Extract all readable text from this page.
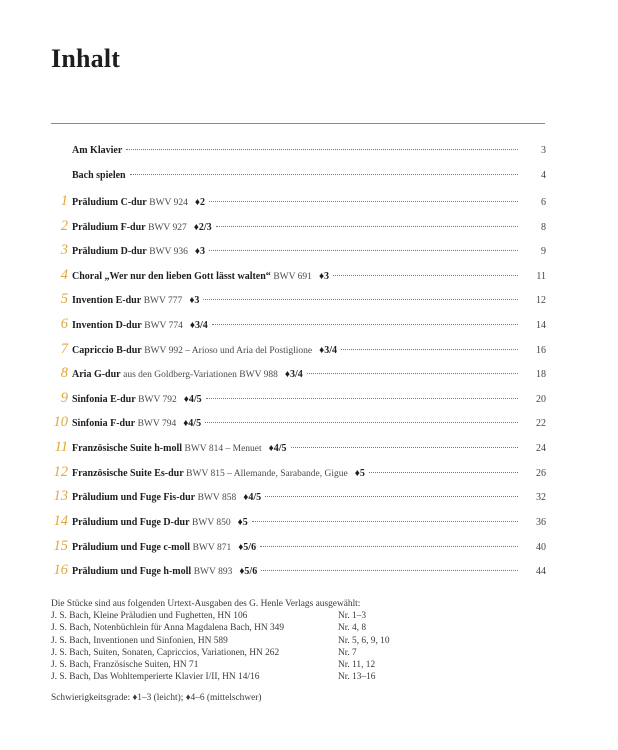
Inhalt
Am Klavier	3
Bach spielen	4
1 Präludium C-dur BWV 924 ♦2	6
2 Präludium F-dur BWV 927 ♦2/3	8
3 Präludium D-dur BWV 936 ♦3	9
4 Choral „Wer nur den lieben Gott lässt walten“ BWV 691 ♦3	11
5 Invention E-dur BWV 777 ♦3	12
6 Invention D-dur BWV 774 ♦3/4	14
7 Capriccio B-dur BWV 992 – Arioso und Aria del Postiglione ♦3/4	16
8 Aria G-dur aus den Goldberg-Variationen BWV 988 ♦3/4	18
9 Sinfonia E-dur BWV 792 ♦4/5	20
10 Sinfonia F-dur BWV 794 ♦4/5	22
11 Französische Suite h-moll BWV 814 – Menuet ♦4/5	24
12 Französische Suite Es-dur BWV 815 – Allemande, Sarabande, Gigue ♦5	26
13 Präludium und Fuge Fis-dur BWV 858 ♦4/5	32
14 Präludium und Fuge D-dur BWV 850 ♦5	36
15 Präludium und Fuge c-moll BWV 871 ♦5/6	40
16 Präludium und Fuge h-moll BWV 893 ♦5/6	44
Die Stücke sind aus folgenden Urtext-Ausgaben des G. Henle Verlags ausgewählt:
J. S. Bach, Kleine Präludien und Fughetten, HN 106	Nr. 1–3
J. S. Bach, Notenbüchlein für Anna Magdalena Bach, HN 349	Nr. 4, 8
J. S. Bach, Inventionen und Sinfonien, HN 589	Nr. 5, 6, 9, 10
J. S. Bach, Suiten, Sonaten, Capriccios, Variationen, HN 262	Nr. 7
J. S. Bach, Französische Suiten, HN 71	Nr. 11, 12
J. S. Bach, Das Wohltemperierte Klavier I/II, HN 14/16	Nr. 13–16
Schwierigkeitsgrade: ♦1–3 (leicht); ♦4–6 (mittelschwer)
